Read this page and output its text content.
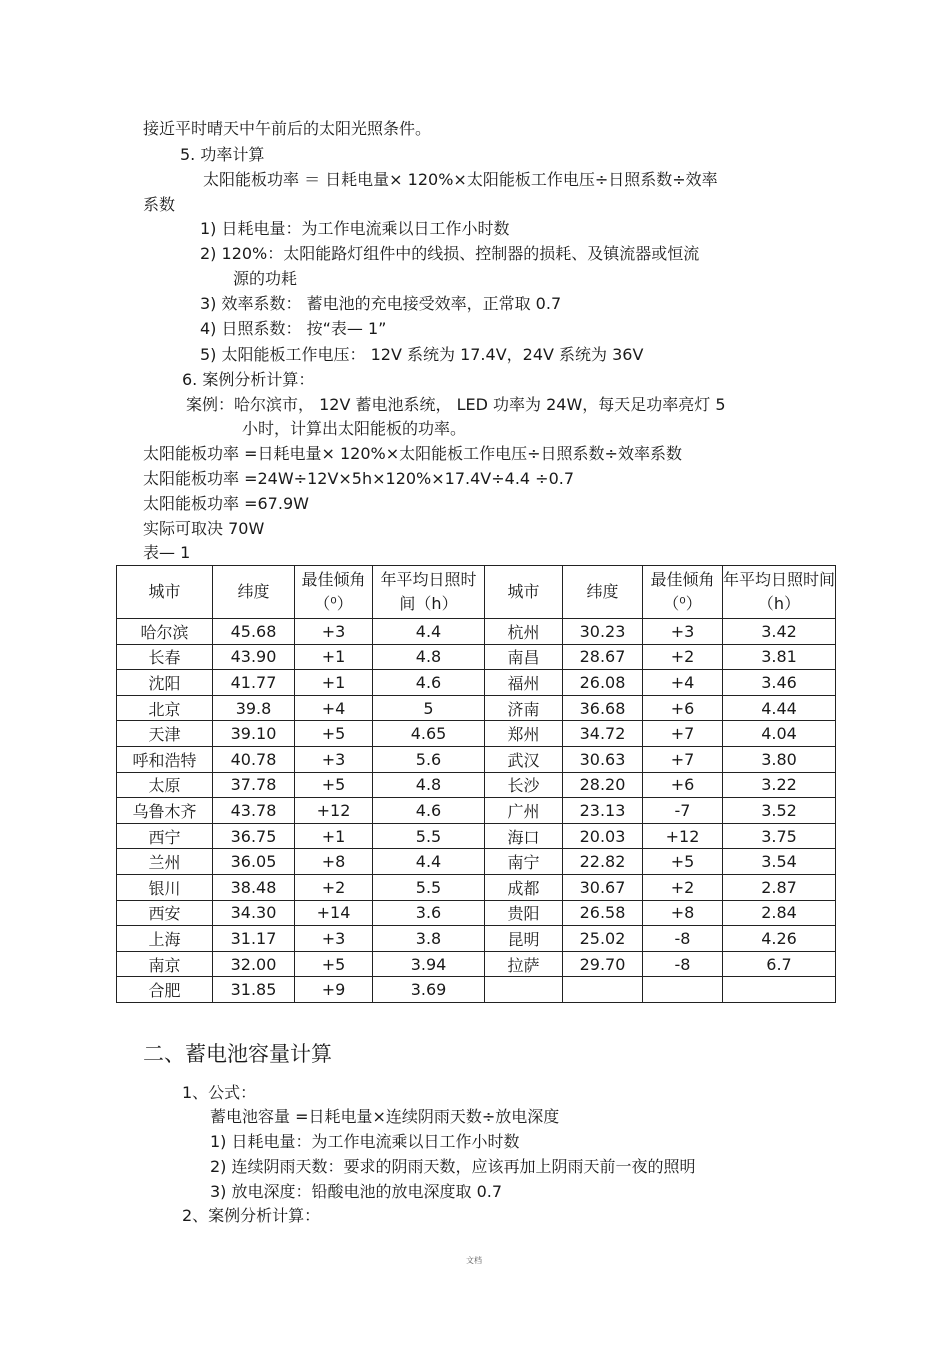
接近平时晴天中午前后的太阳光照条件。
5. 功率计算
太阳能板功率 ＝ 日耗电量× 120%×太阳能板工作电压÷日照系数÷效率
系数
1) 日耗电量：为工作电流乘以日工作小时数
2) 120%：太阳能路灯组件中的线损、控制器的损耗、及镇流器或恒流
源的功耗
3) 效率系数： 蓄电池的充电接受效率，正常取 0.7
4) 日照系数： 按“表— 1”
5) 太阳能板工作电压： 12V 系统为 17.4V，24V 系统为 36V
6. 案例分析计算：
案例：哈尔滨市， 12V 蓄电池系统， LED 功率为 24W，每天足功率亮灯 5
小时，计算出太阳能板的功率。
太阳能板功率 =日耗电量× 120%×太阳能板工作电压÷日照系数÷效率系数
太阳能板功率 =24W÷12V×5h×120%×17.4V÷4.4 ÷0.7
太阳能板功率 =67.9W
实际可取决 70W
表— 1
城市	纬度	最佳倾角（⁰）	年平均日照时间（h）	城市	纬度	最佳倾角（⁰）	年平均日照时间（h）
哈尔滨	45.68	+3	4.4	杭州	30.23	+3	3.42
长春	43.90	+1	4.8	南昌	28.67	+2	3.81
沈阳	41.77	+1	4.6	福州	26.08	+4	3.46
北京	39.8	+4	5	济南	36.68	+6	4.44
天津	39.10	+5	4.65	郑州	34.72	+7	4.04
呼和浩特	40.78	+3	5.6	武汉	30.63	+7	3.80
太原	37.78	+5	4.8	长沙	28.20	+6	3.22
乌鲁木齐	43.78	+12	4.6	广州	23.13	-7	3.52
西宁	36.75	+1	5.5	海口	20.03	+12	3.75
兰州	36.05	+8	4.4	南宁	22.82	+5	3.54
银川	38.48	+2	5.5	成都	30.67	+2	2.87
西安	34.30	+14	3.6	贵阳	26.58	+8	2.84
上海	31.17	+3	3.8	昆明	25.02	-8	4.26
南京	32.00	+5	3.94	拉萨	29.70	-8	6.7
合肥	31.85	+9	3.69				
二、蓄电池容量计算
1、公式：
蓄电池容量 =日耗电量×连续阴雨天数÷放电深度
1) 日耗电量：为工作电流乘以日工作小时数
2) 连续阴雨天数：要求的阴雨天数，应该再加上阴雨天前一夜的照明
3) 放电深度：铅酸电池的放电深度取 0.7
2、案例分析计算：
文档
